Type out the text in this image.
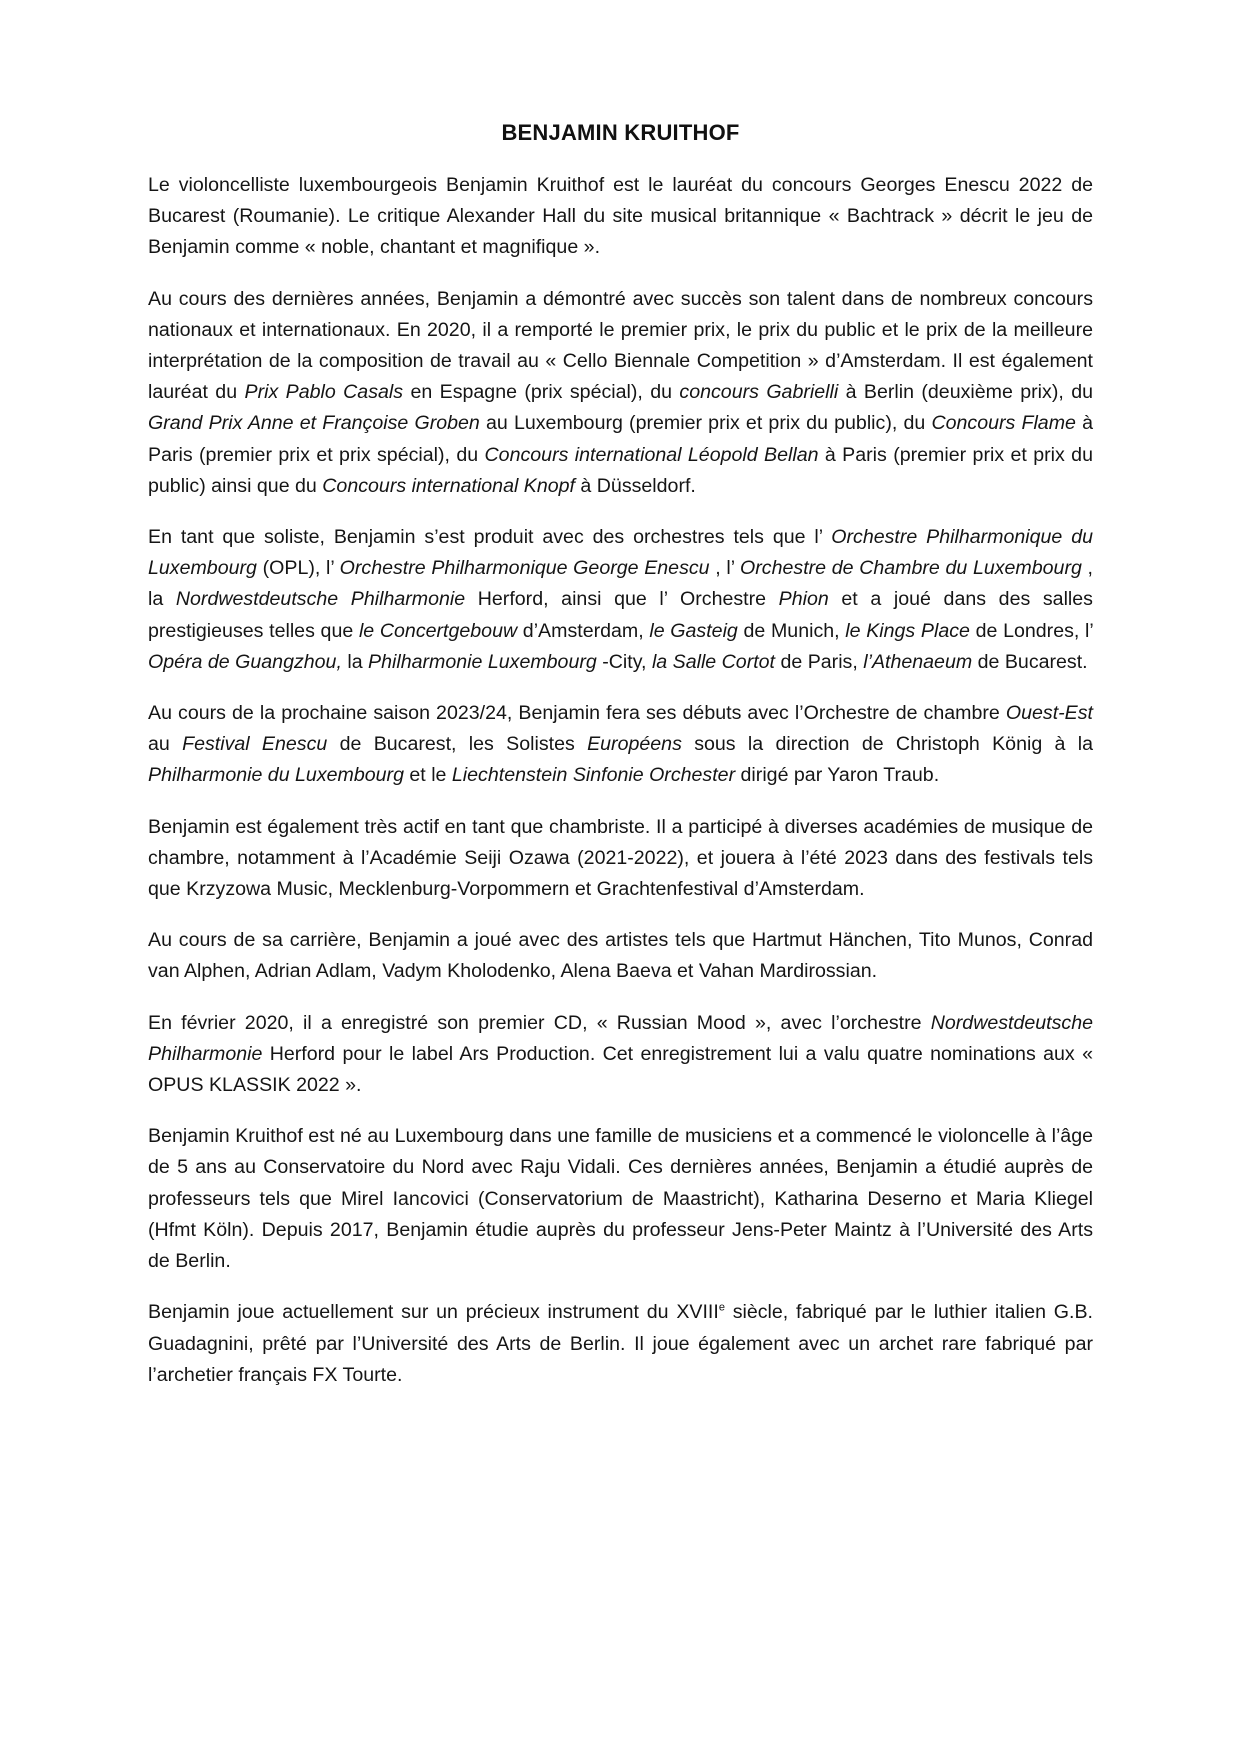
BENJAMIN KRUITHOF

Le violoncelliste luxembourgeois Benjamin Kruithof est le lauréat du concours Georges Enescu 2022 de Bucarest (Roumanie). Le critique Alexander Hall du site musical britannique « Bachtrack » décrit le jeu de Benjamin comme « noble, chantant et magnifique ».

Au cours des dernières années, Benjamin a démontré avec succès son talent dans de nombreux concours nationaux et internationaux. En 2020, il a remporté le premier prix, le prix du public et le prix de la meilleure interprétation de la composition de travail au « Cello Biennale Competition » d’Amsterdam. Il est également lauréat du Prix Pablo Casals en Espagne (prix spécial), du concours Gabrielli à Berlin (deuxième prix), du Grand Prix Anne et Françoise Groben au Luxembourg (premier prix et prix du public), du Concours Flame à Paris (premier prix et prix spécial), du Concours international Léopold Bellan à Paris (premier prix et prix du public) ainsi que du Concours international Knopf à Düsseldorf.

En tant que soliste, Benjamin s’est produit avec des orchestres tels que l’ Orchestre Philharmonique du Luxembourg (OPL), l’ Orchestre Philharmonique George Enescu , l’ Orchestre de Chambre du Luxembourg , la Nordwestdeutsche Philharmonie Herford, ainsi que l’ Orchestre Phion et a joué dans des salles prestigieuses telles que le Concertgebouw d’Amsterdam, le Gasteig de Munich, le Kings Place de Londres, l’ Opéra de Guangzhou, la Philharmonie Luxembourg -City, la Salle Cortot de Paris, l’Athenaeum de Bucarest.

Au cours de la prochaine saison 2023/24, Benjamin fera ses débuts avec l’Orchestre de chambre Ouest-Est au Festival Enescu de Bucarest, les Solistes Européens sous la direction de Christoph König à la Philharmonie du Luxembourg et le Liechtenstein Sinfonie Orchester dirigé par Yaron Traub.

Benjamin est également très actif en tant que chambriste. Il a participé à diverses académies de musique de chambre, notamment à l’Académie Seiji Ozawa (2021-2022), et jouera à l’été 2023 dans des festivals tels que Krzyzowa Music, Mecklenburg-Vorpommern et Grachtenfestival d’Amsterdam.

Au cours de sa carrière, Benjamin a joué avec des artistes tels que Hartmut Hänchen, Tito Munos, Conrad van Alphen, Adrian Adlam, Vadym Kholodenko, Alena Baeva et Vahan Mardirossian.

En février 2020, il a enregistré son premier CD, « Russian Mood », avec l’orchestre Nordwestdeutsche Philharmonie Herford pour le label Ars Production. Cet enregistrement lui a valu quatre nominations aux « OPUS KLASSIK 2022 ».

Benjamin Kruithof est né au Luxembourg dans une famille de musiciens et a commencé le violoncelle à l’âge de 5 ans au Conservatoire du Nord avec Raju Vidali. Ces dernières années, Benjamin a étudié auprès de professeurs tels que Mirel Iancovici (Conservatorium de Maastricht), Katharina Deserno et Maria Kliegel (Hfmt Köln). Depuis 2017, Benjamin étudie auprès du professeur Jens-Peter Maintz à l’Université des Arts de Berlin.

Benjamin joue actuellement sur un précieux instrument du XVIIIe siècle, fabriqué par le luthier italien G.B. Guadagnini, prêté par l’Université des Arts de Berlin. Il joue également avec un archet rare fabriqué par l’archetier français FX Tourte.
